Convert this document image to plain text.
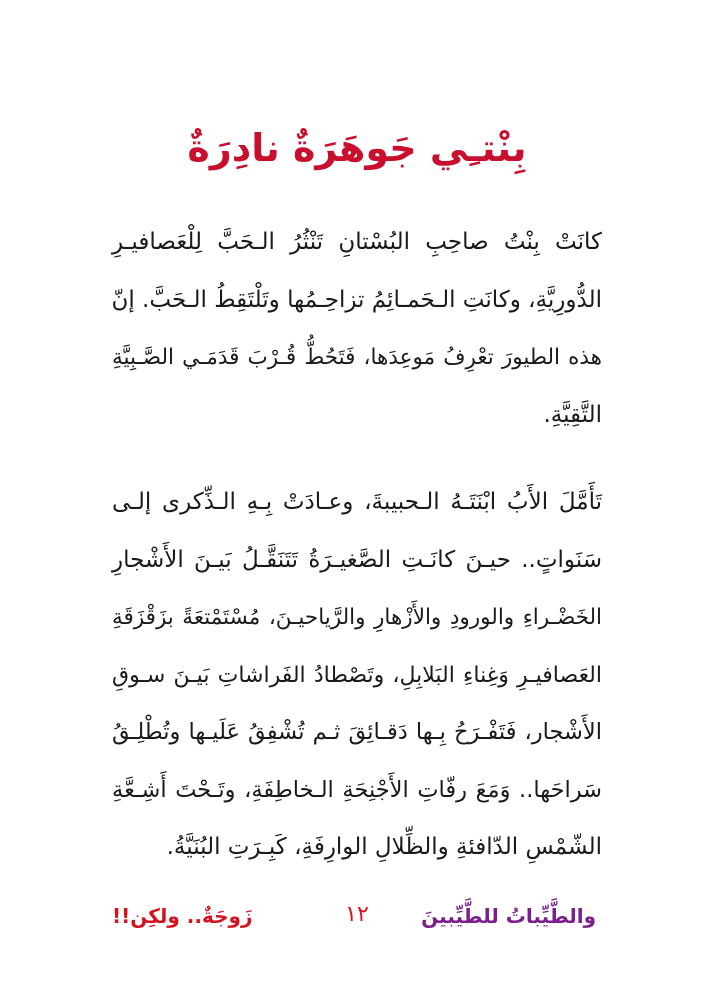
بِنْتـِي جَوهَرَةٌ نادِرَةٌ
كانَتْ بِنْتُ صاحِبِ البُسْتانِ تَنْثُرُ الـحَبَّ لِلْعَصافيـرِ
الدُّورِيَّةِ، وكانَتِ الـحَمـائِمُ تزاحِـمُها وتَلْتَقِطُ الـحَبَّ. إنّ
هذه الطيورَ تعْرِفُ مَوعِدَها، فَتَحُطُّ قُـرْبَ قَدَمَـي الصَّـبِيَّةِ
التَّقِيَّةِ.
تَأَمَّلَ الأَبُ ابْنَتَـهُ الـحبيبةَ، وعـادَتْ بِـهِ الـذِّكرى إلـى
سَنَواتٍ.. حيـنَ كانَـتِ الصَّغيـرَةُ تَتَنَقَّـلُ بَيـنَ الأَشْجارِ
الخَضْـراءِ والورودِ والأَزْهارِ والرَّياحيـنَ، مُسْتَمْتعَةً بزَقْزَقَةِ
العَصافيـرِ وَغِناءِ البَلابِلِ، وتَصْطادُ الفَراشاتِ بَيـنَ سـوقِ
الأَشْجار، فَتَفْـرَحُ بِـها دَقـائِقَ ثـم تُشْفِقُ عَلَيـها وتُطْلِـقُ
سَراحَها.. وَمَعَ رفّاتِ الأَجْنِحَةِ الـخاطِفَةِ، وتَـحْتَ أَشِـعَّةِ
الشّمْسِ الدّافئةِ والظِّلالِ الوارِفَةِ، كَبِـرَتِ البُنَيَّةُ.
زَوجَةٌ.. ولكِن!!	١٢	والطَّيِّباتُ للطَّيِّبينَ
